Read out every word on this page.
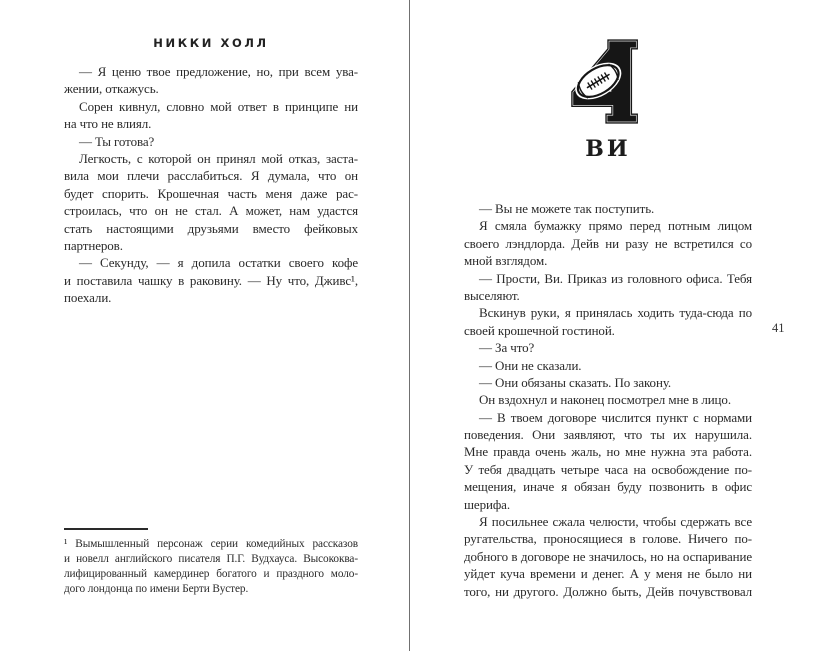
НИККИ ХОЛЛ
— Я ценю твое предложение, но, при всем ува-
жении, откажусь.
Сорен кивнул, словно мой ответ в принципе ни
на что не влиял.
— Ты готова?
Легкость, с которой он принял мой отказ, заста-
вила мои плечи расслабиться. Я думала, что он
будет спорить. Крошечная часть меня даже рас-
строилась, что он не стал. А может, нам удастся
стать настоящими друзьями вместо фейковых
партнеров.
— Секунду, — я допила остатки своего кофе
и поставила чашку в раковину. — Ну что, Дживс¹,
поехали.
¹ Вымышленный персонаж серии комедийных рассказов
и новелл английского писателя П.Г. Вудхауса. Высококва-
лифицированный камердинер богатого и праздного моло-
дого лондонца по имени Берти Вустер.
ВИ
— Вы не можете так поступить.
Я смяла бумажку прямо перед потным лицом
своего лэндлорда. Дейв ни разу не встретился со
мной взглядом.
— Прости, Ви. Приказ из головного офиса. Тебя
выселяют.
Вскинув руки, я принялась ходить туда-сюда по
своей крошечной гостиной.
— За что?
— Они не сказали.
— Они обязаны сказать. По закону.
Он вздохнул и наконец посмотрел мне в лицо.
— В твоем договоре числится пункт с нормами
поведения. Они заявляют, что ты их нарушила.
Мне правда очень жаль, но мне нужна эта работа.
У тебя двадцать четыре часа на освобождение по-
мещения, иначе я обязан буду позвонить в офис
шерифа.
Я посильнее сжала челюсти, чтобы сдержать все
ругательства, проносящиеся в голове. Ничего по-
добного в договоре не значилось, но на оспаривание
уйдет куча времени и денег. А у меня не было ни
того, ни другого. Должно быть, Дейв почувствовал
41
